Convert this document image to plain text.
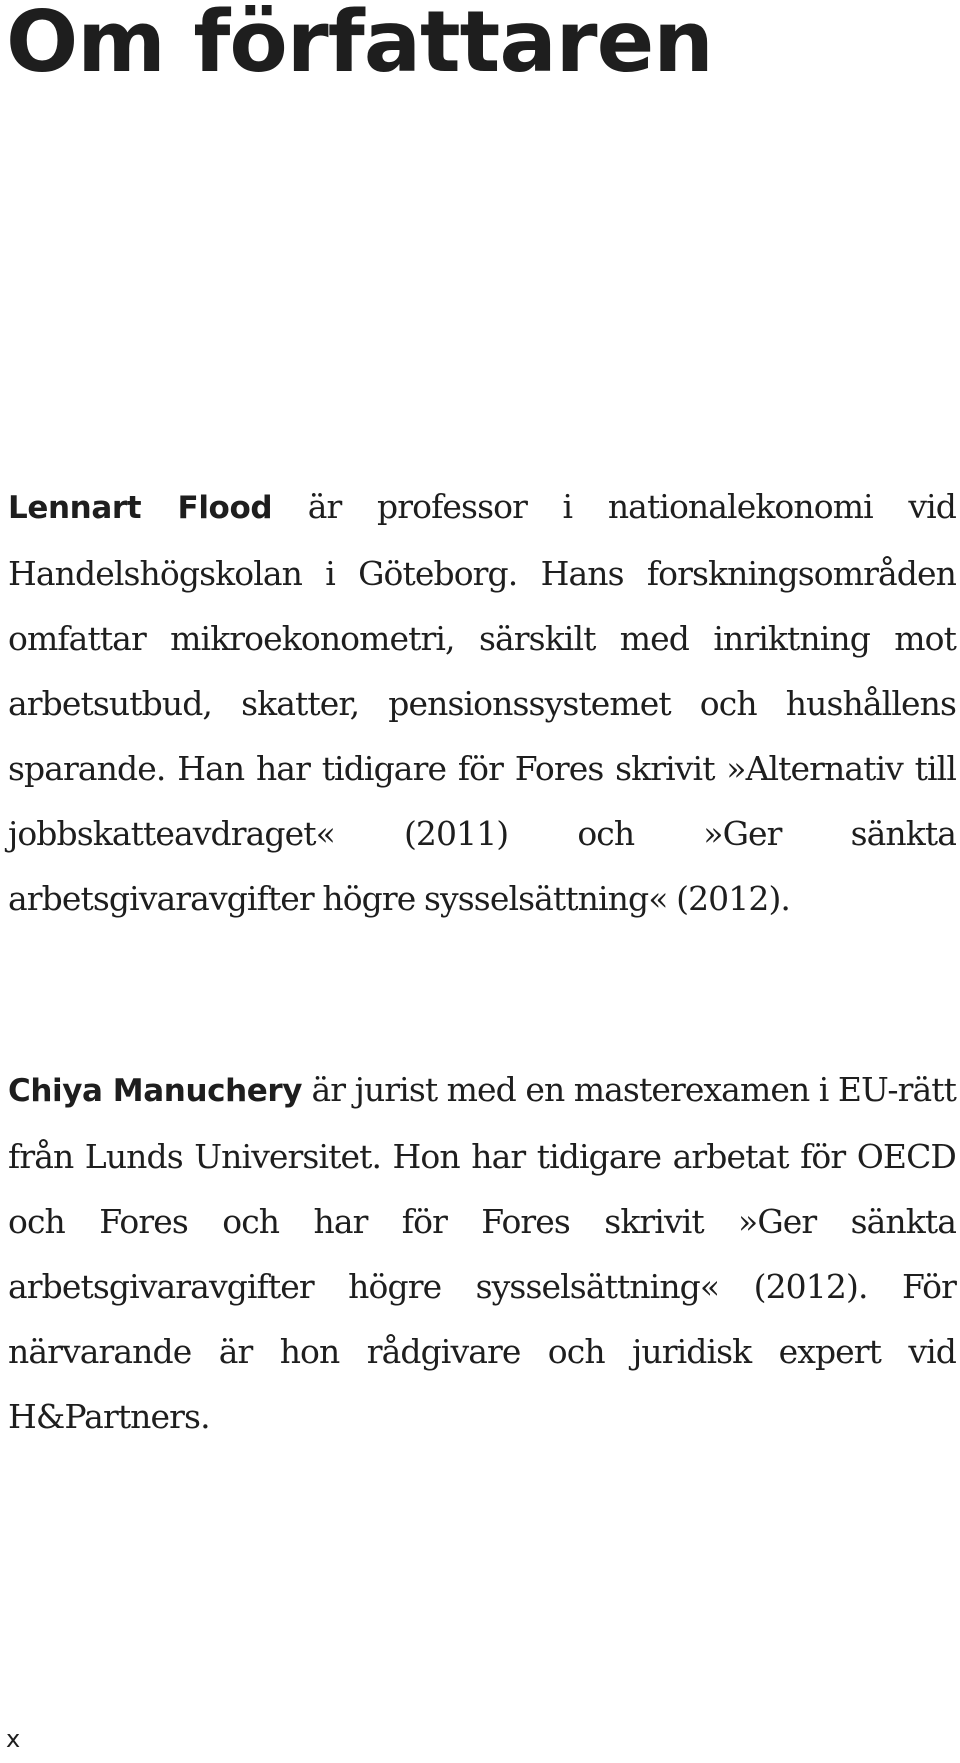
Om författaren

Lennart Flood är professor i nationalekonomi vid Handelshögskolan i Göteborg. Hans forskningsområden omfattar mikroekonometri, särskilt med inriktning mot arbetsutbud, skatter, pensionssystemet och hushållens sparande. Han har tidigare för Fores skrivit »Alternativ till jobbskatteavdraget« (2011) och »Ger sänkta arbetsgivaravgifter högre sysselsättning« (2012).

Chiya Manuchery är jurist med en masterexamen i EU-rätt från Lunds Universitet. Hon har tidigare arbetat för OECD och Fores och har för Fores skrivit »Ger sänkta arbetsgivaravgifter högre sysselsättning« (2012). För närvarande är hon rådgivare och juridisk expert vid H&Partners.

x
